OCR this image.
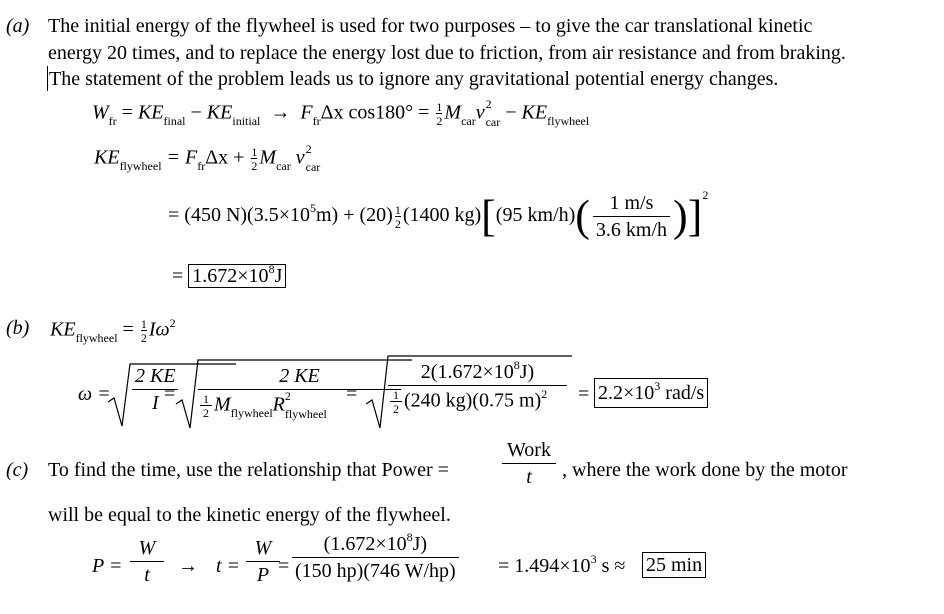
(a) The initial energy of the flywheel is used for two purposes – to give the car translational kinetic
energy 20 times, and to replace the energy lost due to friction, from air resistance and from braking.
The statement of the problem leads us to ignore any gravitational potential energy changes.
$W_{fr} = KE_{final} - KE_{initial} \to F_{fr}\Delta x$ $\cos 180^\circ = \frac{1}{2} M_{car}v$ 2
car − $KE_{flywheel}$
$KE_{flywheel} = F_{fr}\Delta x + \frac{1}{2} M_{car}$ v 2
car
= (450 $N)(3.5\times 10^5m) + (20) \frac{1}{2} (1400$ kg)[(95 $km/h)( \frac{1 m/s}{3.6 km/h} )]^2$
= $1.672\times 10^8J$
(b) $KE_{flywheel} = \frac{1}{2} I\omega^2$
$\omega = \frac{2 KE}{I}$
=
2 KE
$\frac{1}{2} M_{flywheel}R$ 2
flywheel
= $\frac{2(1.672\times 10^8J)}{\frac{1}{2} (240 kg)(0.75 m)^2} = 2.2\times 10^3$ rad/s
(c) To find the time, use the relationship that Power =
Work
t	, where the work done by the motor
will be equal to the kinetic energy of the flywheel.
$P = \frac{W}{t} \to t = \frac{W}{P}$
= $\frac{(1.672\times 10^8J)}{(150 hp)(746 W/hp)} = 1.494\times 10^3$ s ≈ 25 min
